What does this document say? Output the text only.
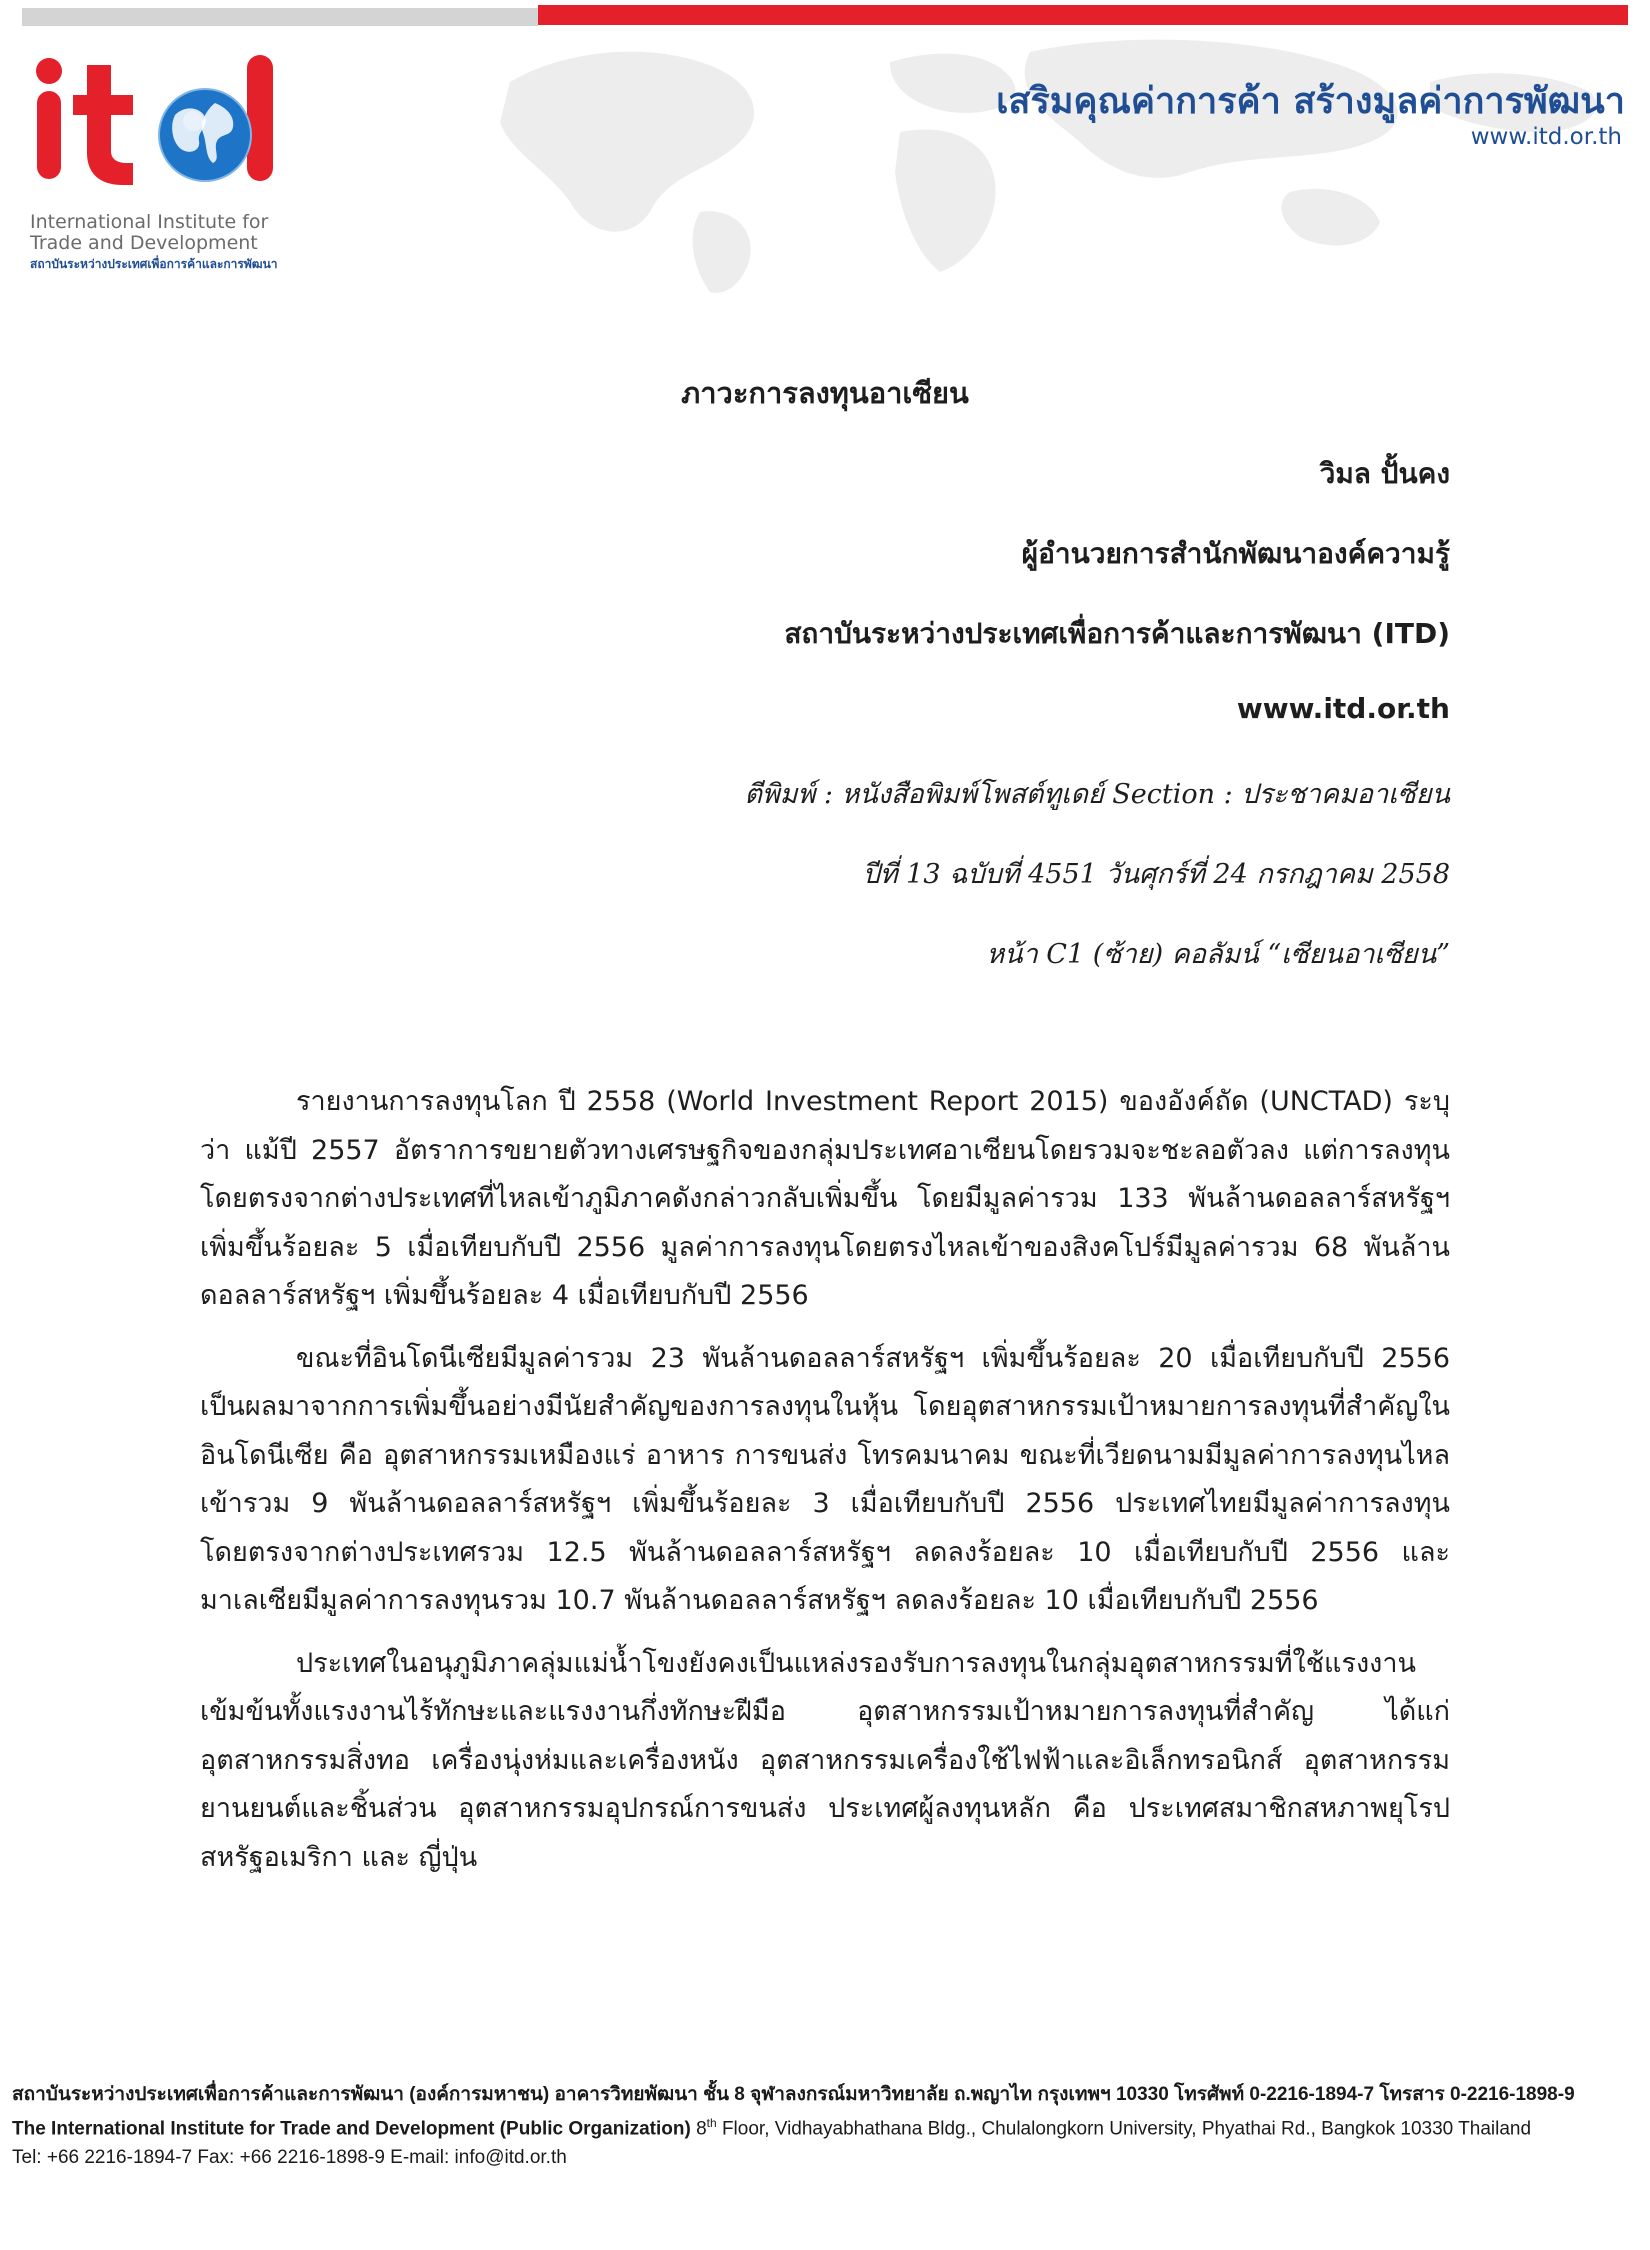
International Institute for
Trade and Development
สถาบันระหว่างประเทศเพื่อการค้าและการพัฒนา
เสริมคุณค่าการค้า สร้างมูลค่าการพัฒนา
www.itd.or.th
ภาวะการลงทุนอาเซียน
วิมล ปั้นคง
ผู้อำนวยการสำนักพัฒนาองค์ความรู้
สถาบันระหว่างประเทศเพื่อการค้าและการพัฒนา (ITD)
www.itd.or.th
ตีพิมพ์ : หนังสือพิมพ์โพสต์ทูเดย์ Section : ประชาคมอาเซียน
ปีที่ 13 ฉบับที่ 4551 วันศุกร์ที่ 24 กรกฎาคม 2558
หน้า C1 (ซ้าย) คอลัมน์ “เซียนอาเซียน”

รายงานการลงทุนโลก ปี 2558 (World Investment Report 2015) ของอังค์ถัด (UNCTAD) ระบุว่า แม้ปี 2557 อัตราการขยายตัวทางเศรษฐกิจของกลุ่มประเทศอาเซียนโดยรวมจะชะลอตัวลง แต่การลงทุนโดยตรงจากต่างประเทศที่ไหลเข้าภูมิภาคดังกล่าวกลับเพิ่มขึ้น โดยมีมูลค่ารวม 133 พันล้านดอลลาร์สหรัฐฯ เพิ่มขึ้นร้อยละ 5 เมื่อเทียบกับปี 2556 มูลค่าการลงทุนโดยตรงไหลเข้าของสิงคโปร์มีมูลค่ารวม 68 พันล้านดอลลาร์สหรัฐฯ เพิ่มขึ้นร้อยละ 4 เมื่อเทียบกับปี 2556

ขณะที่อินโดนีเซียมีมูลค่ารวม 23 พันล้านดอลลาร์สหรัฐฯ เพิ่มขึ้นร้อยละ 20 เมื่อเทียบกับปี 2556 เป็นผลมาจากการเพิ่มขึ้นอย่างมีนัยสำคัญของการลงทุนในหุ้น โดยอุตสาหกรรมเป้าหมายการลงทุนที่สำคัญในอินโดนีเซีย คือ อุตสาหกรรมเหมืองแร่ อาหาร การขนส่ง โทรคมนาคม ขณะที่เวียดนามมีมูลค่าการลงทุนไหลเข้ารวม 9 พันล้านดอลลาร์สหรัฐฯ เพิ่มขึ้นร้อยละ 3 เมื่อเทียบกับปี 2556 ประเทศไทยมีมูลค่าการลงทุนโดยตรงจากต่างประเทศรวม 12.5 พันล้านดอลลาร์สหรัฐฯ ลดลงร้อยละ 10 เมื่อเทียบกับปี 2556 และมาเลเซียมีมูลค่าการลงทุนรวม 10.7 พันล้านดอลลาร์สหรัฐฯ ลดลงร้อยละ 10 เมื่อเทียบกับปี 2556

ประเทศในอนุภูมิภาคลุ่มแม่น้ำโขงยังคงเป็นแหล่งรองรับการลงทุนในกลุ่มอุตสาหกรรมที่ใช้แรงงานเข้มข้นทั้งแรงงานไร้ทักษะและแรงงานกึ่งทักษะฝีมือ อุตสาหกรรมเป้าหมายการลงทุนที่สำคัญ ได้แก่ อุตสาหกรรมสิ่งทอ เครื่องนุ่งห่มและเครื่องหนัง อุตสาหกรรมเครื่องใช้ไฟฟ้าและอิเล็กทรอนิกส์ อุตสาหกรรมยานยนต์และชิ้นส่วน อุตสาหกรรมอุปกรณ์การขนส่ง ประเทศผู้ลงทุนหลัก คือ ประเทศสมาชิกสหภาพยุโรป สหรัฐอเมริกา และ ญี่ปุ่น

สถาบันระหว่างประเทศเพื่อการค้าและการพัฒนา (องค์การมหาชน) อาคารวิทยพัฒนา ชั้น 8 จุฬาลงกรณ์มหาวิทยาลัย ถ.พญาไท กรุงเทพฯ 10330 โทรศัพท์ 0-2216-1894-7 โทรสาร 0-2216-1898-9
The International Institute for Trade and Development (Public Organization) 8th Floor, Vidhayabhathana Bldg., Chulalongkorn University, Phyathai Rd., Bangkok 10330 Thailand
Tel: +66 2216-1894-7 Fax: +66 2216-1898-9 E-mail: info@itd.or.th
